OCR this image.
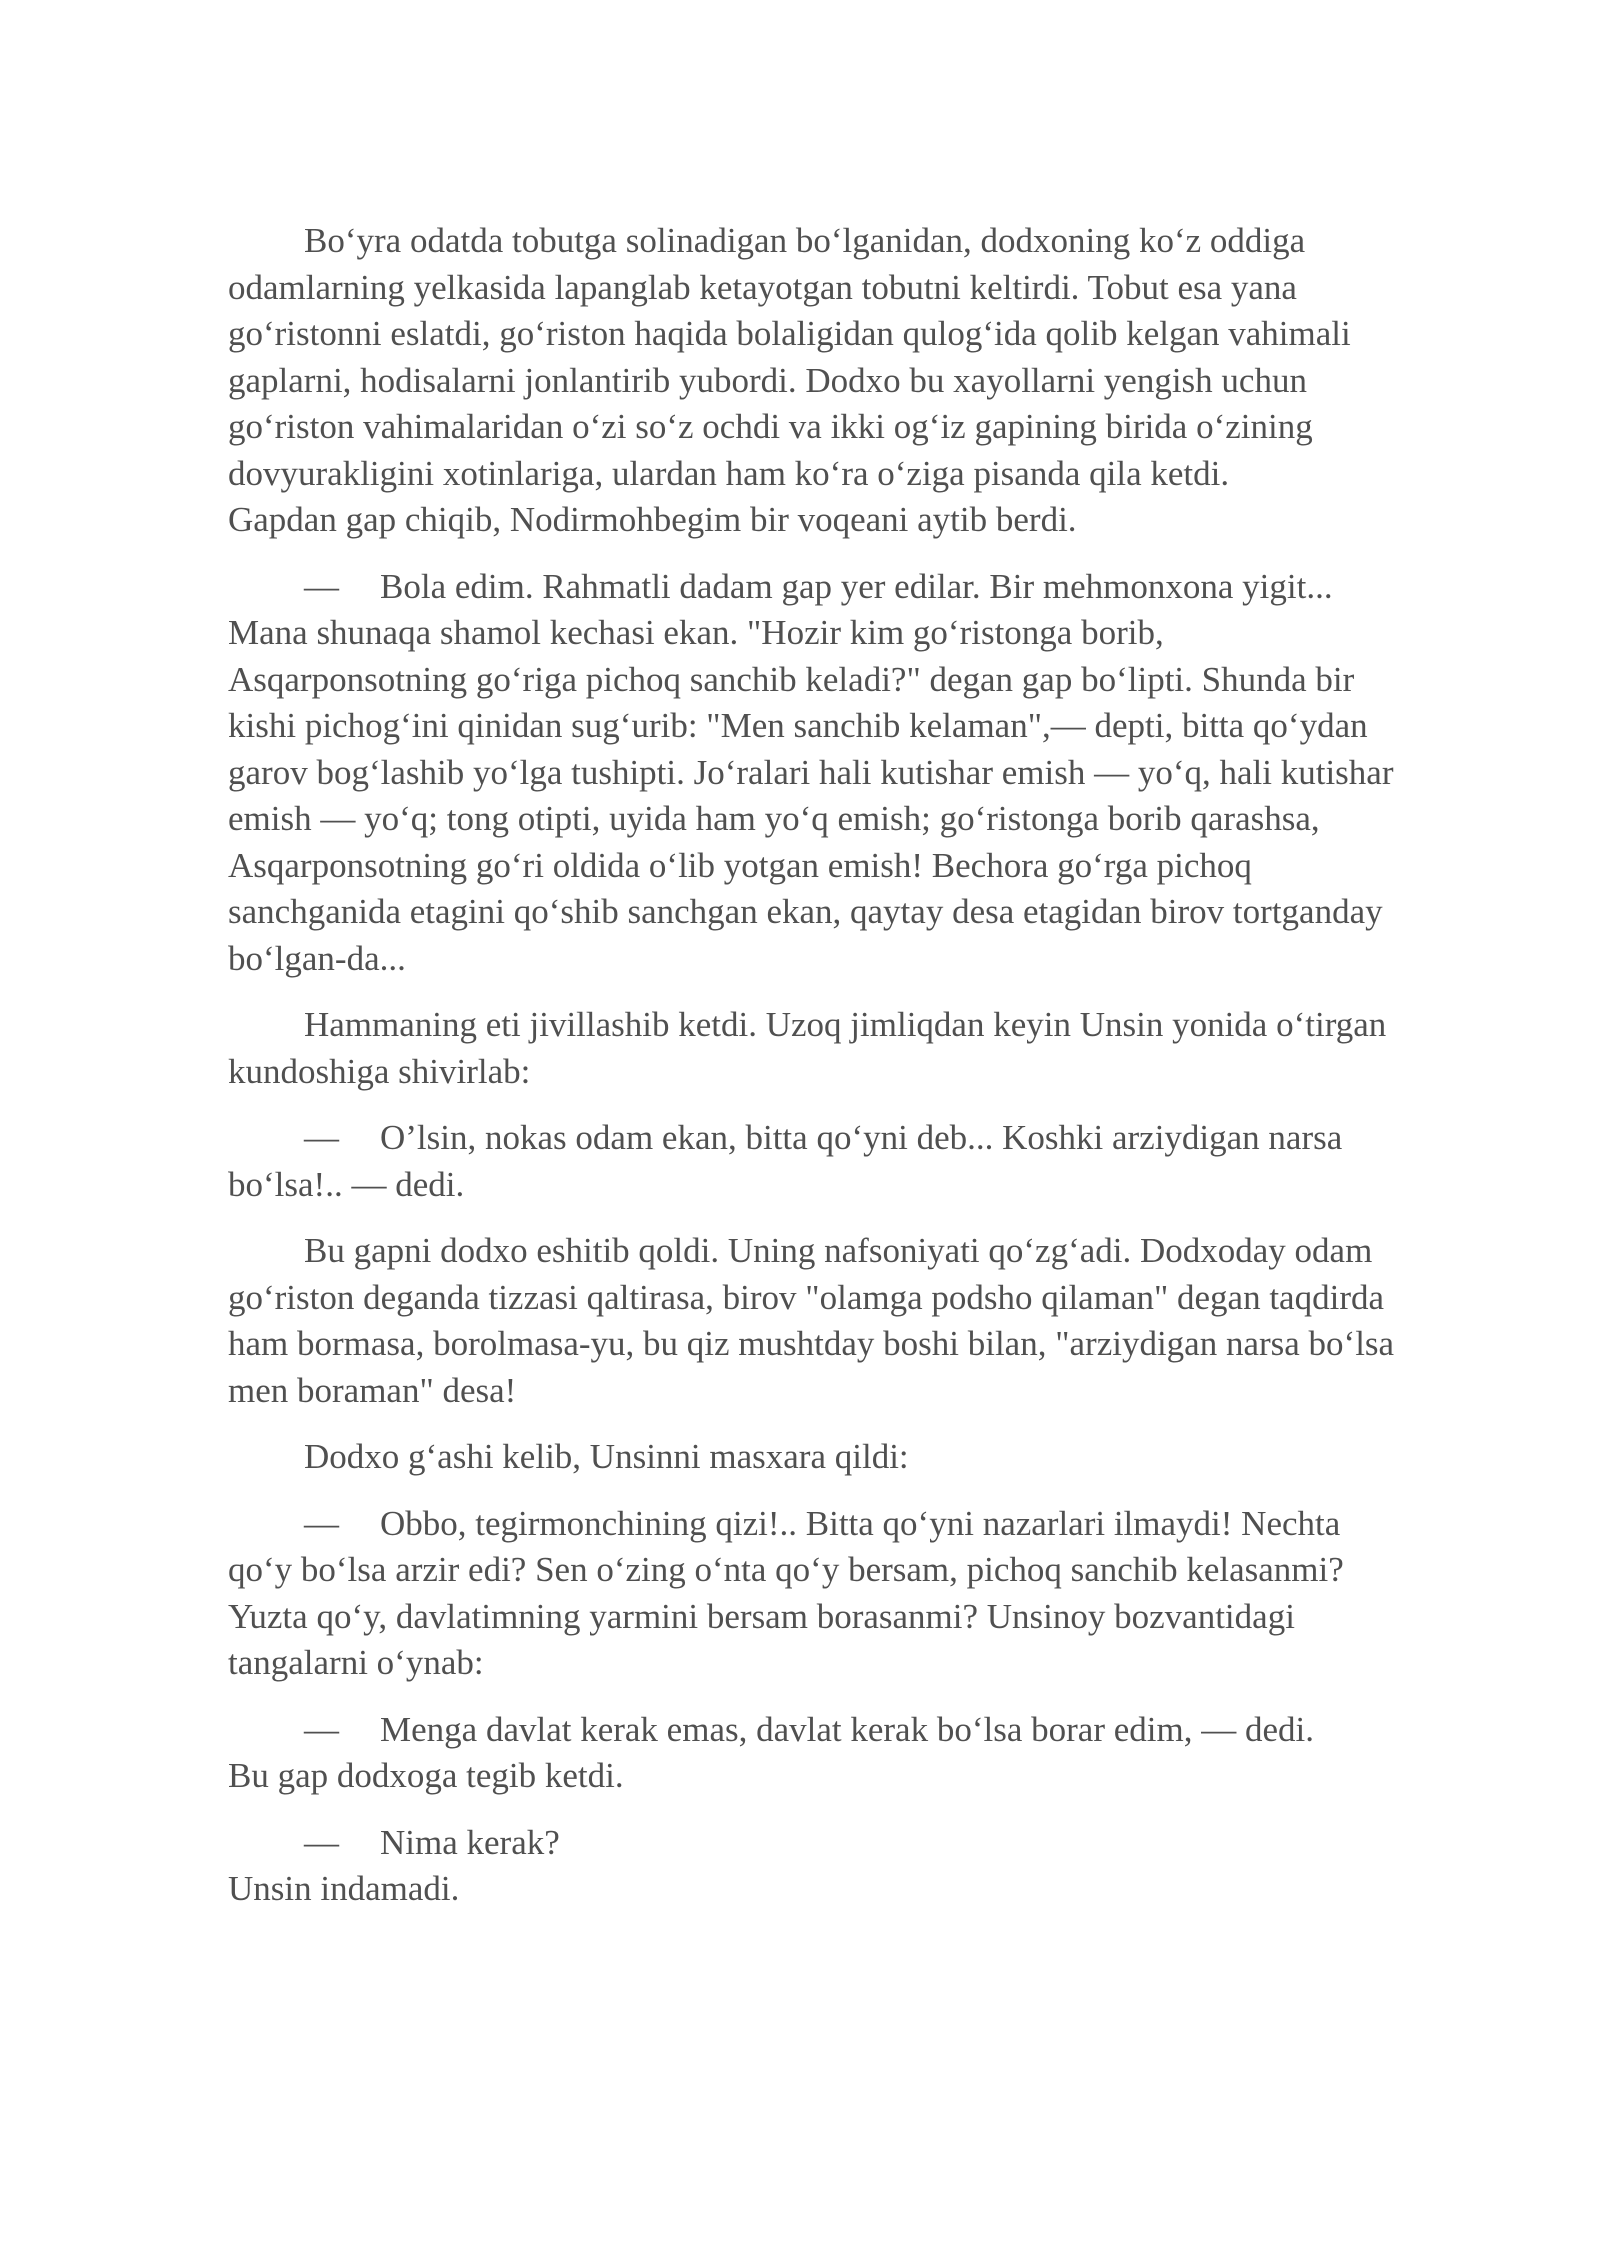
Bo‘yra odatda tobutga solinadigan bo‘lganidan, dodxoning ko‘z oddiga
odamlarning yelkasida lapanglab ketayotgan tobutni keltirdi. Tobut esa yana
go‘ristonni eslatdi, go‘riston haqida bolaligidan qulog‘ida qolib kelgan vahimali
gaplarni, hodisalarni jonlantirib yubordi. Dodxo bu xayollarni yengish uchun
go‘riston vahimalaridan o‘zi so‘z ochdi va ikki og‘iz gapining birida o‘zining
dovyurakligini xotinlariga, ulardan ham ko‘ra o‘ziga pisanda qila ketdi.
Gapdan gap chiqib, Nodirmohbegim bir voqeani aytib berdi.
— Bola edim. Rahmatli dadam gap yer edilar. Bir mehmonxona yigit...
Mana shunaqa shamol kechasi ekan. "Hozir kim go‘ristonga borib,
Asqarponsotning go‘riga pichoq sanchib keladi?" degan gap bo‘lipti. Shunda bir
kishi pichog‘ini qinidan sug‘urib: "Men sanchib kelaman",— depti, bitta qo‘ydan
garov bog‘lashib yo‘lga tushipti. Jo‘ralari hali kutishar emish — yo‘q, hali kutishar
emish — yo‘q; tong otipti, uyida ham yo‘q emish; go‘ristonga borib qarashsa,
Asqarponsotning go‘ri oldida o‘lib yotgan emish! Bechora go‘rga pichoq
sanchganida etagini qo‘shib sanchgan ekan, qaytay desa etagidan birov tortganday
bo‘lgan-da...
Hammaning eti jivillashib ketdi. Uzoq jimliqdan keyin Unsin yonida o‘tirgan
kundoshiga shivirlab:
— O’lsin, nokas odam ekan, bitta qo‘yni deb... Koshki arziydigan narsa
bo‘lsa!.. — dedi.
Bu gapni dodxo eshitib qoldi. Uning nafsoniyati qo‘zg‘adi. Dodxoday odam
go‘riston deganda tizzasi qaltirasa, birov "olamga podsho qilaman" degan taqdirda
ham bormasa, borolmasa-yu, bu qiz mushtday boshi bilan, "arziydigan narsa bo‘lsa
men boraman" desa!
Dodxo g‘ashi kelib, Unsinni masxara qildi:
— Obbo, tegirmonchining qizi!.. Bitta qo‘yni nazarlari ilmaydi! Nechta
qo‘y bo‘lsa arzir edi? Sen o‘zing o‘nta qo‘y bersam, pichoq sanchib kelasanmi?
Yuzta qo‘y, davlatimning yarmini bersam borasanmi? Unsinoy bozvantidagi
tangalarni o‘ynab:
— Menga davlat kerak emas, davlat kerak bo‘lsa borar edim, — dedi.
Bu gap dodxoga tegib ketdi.
— Nima kerak?
Unsin indamadi.
